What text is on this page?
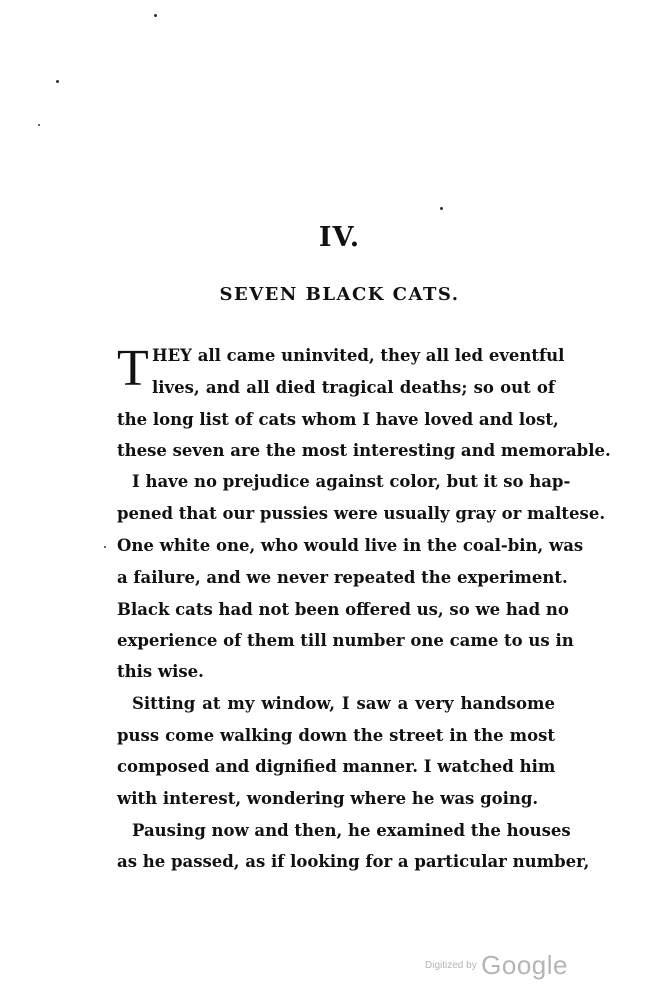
IV.
SEVEN BLACK CATS.
T HEY all came uninvited, they all led eventful
lives, and all died tragical deaths; so out of
the long list of cats whom I have loved and lost,
these seven are the most interesting and memorable.
I have no prejudice against color, but it so hap-
pened that our pussies were usually gray or maltese.
One white one, who would live in the coal-bin, was
a failure, and we never repeated the experiment.
Black cats had not been offered us, so we had no
experience of them till number one came to us in
this wise.
Sitting at my window, I saw a very handsome
puss come walking down the street in the most
composed and dignified manner. I watched him
with interest, wondering where he was going.
Pausing now and then, he examined the houses
as he passed, as if looking for a particular number,
Digitized by Google
